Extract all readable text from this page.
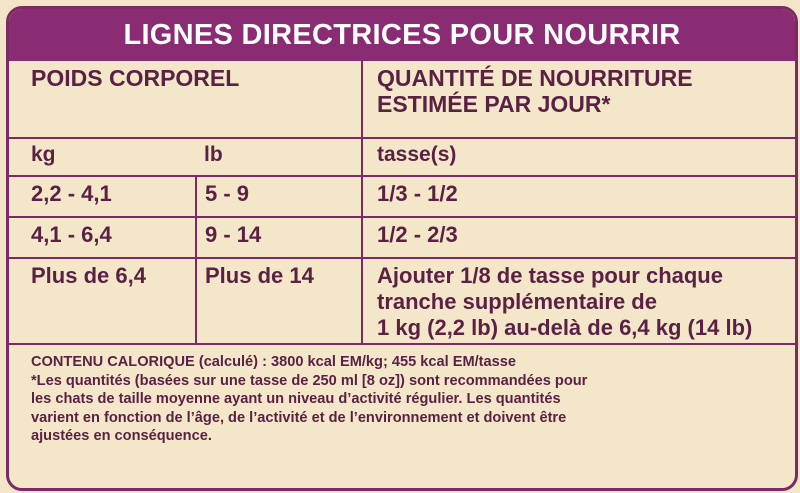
LIGNES DIRECTRICES POUR NOURRIR
POIDS CORPOREL		QUANTITÉ DE NOURRITURE
ESTIMÉE PAR JOUR*

kg	lb	tasse(s)
2,2 - 4,1	5 - 9	1/3 - 1/2
4,1 - 6,4	9 - 14	1/2 - 2/3
Plus de 6,4	Plus de 14	Ajouter 1/8 de tasse pour chaque
tranche supplémentaire de
1 kg (2,2 lb) au-delà de 6,4 kg (14 lb)
CONTENU CALORIQUE (calculé) : 3800 kcal EM/kg; 455 kcal EM/tasse
*Les quantités (basées sur une tasse de 250 ml [8 oz]) sont recommandées pour
les chats de taille moyenne ayant un niveau d’activité régulier. Les quantités
varient en fonction de l’âge, de l’activité et de l’environnement et doivent être
ajustées en conséquence.
